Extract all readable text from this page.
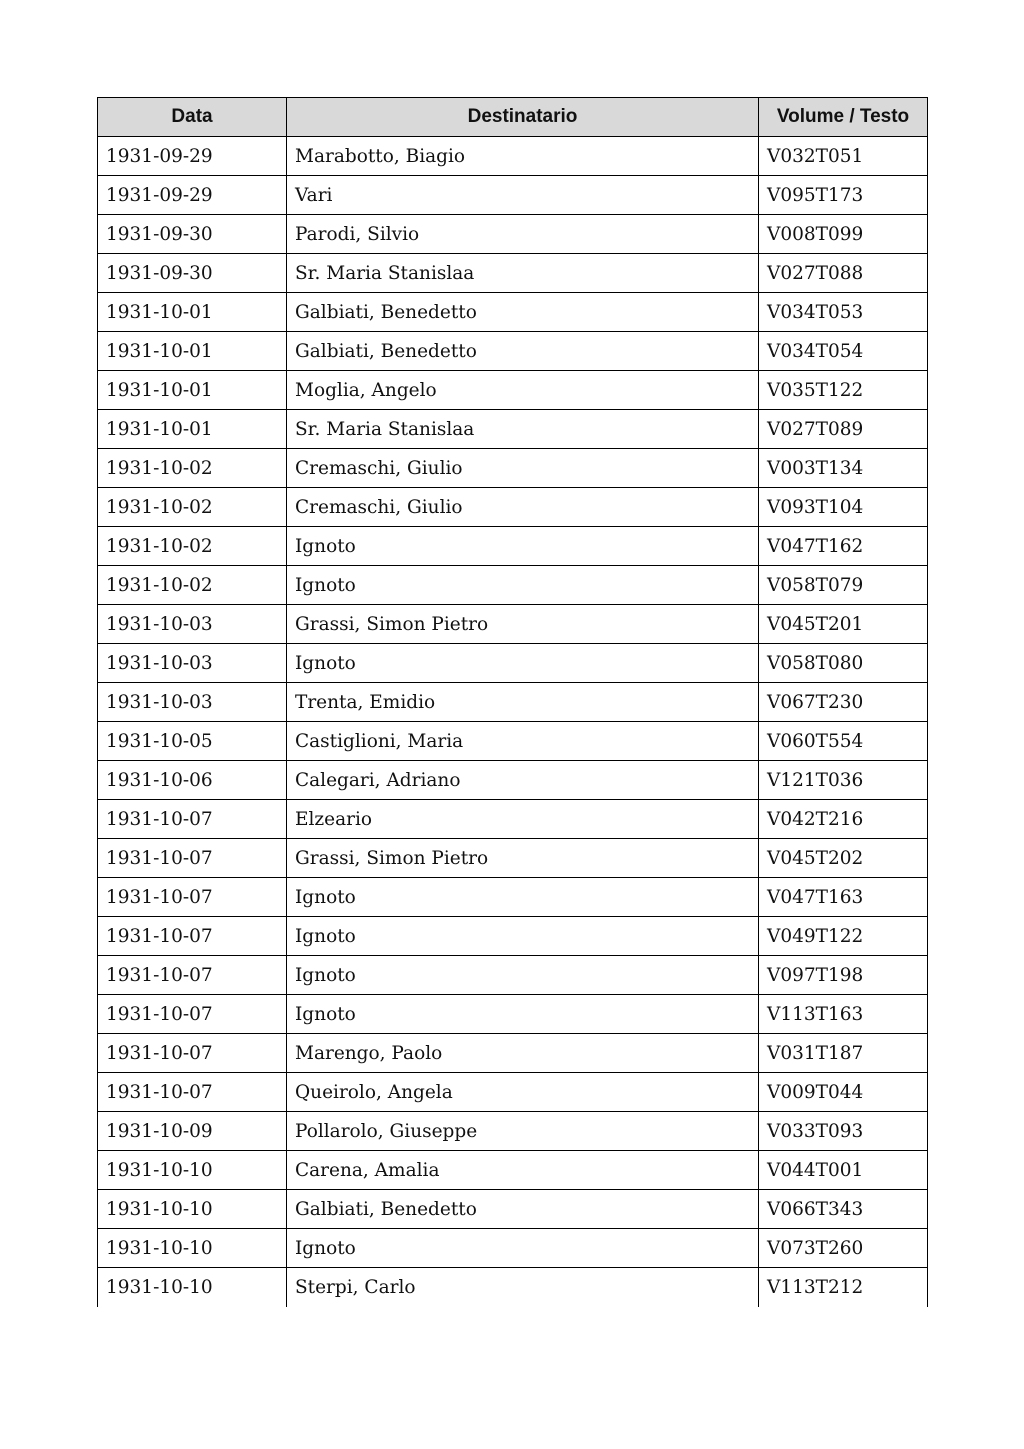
Data	Destinatario	Volume / Testo
1931-09-29	Marabotto, Biagio	V032T051
1931-09-29	Vari	V095T173
1931-09-30	Parodi, Silvio	V008T099
1931-09-30	Sr. Maria Stanislaa	V027T088
1931-10-01	Galbiati, Benedetto	V034T053
1931-10-01	Galbiati, Benedetto	V034T054
1931-10-01	Moglia, Angelo	V035T122
1931-10-01	Sr. Maria Stanislaa	V027T089
1931-10-02	Cremaschi, Giulio	V003T134
1931-10-02	Cremaschi, Giulio	V093T104
1931-10-02	Ignoto	V047T162
1931-10-02	Ignoto	V058T079
1931-10-03	Grassi, Simon Pietro	V045T201
1931-10-03	Ignoto	V058T080
1931-10-03	Trenta, Emidio	V067T230
1931-10-05	Castiglioni, Maria	V060T554
1931-10-06	Calegari, Adriano	V121T036
1931-10-07	Elzeario	V042T216
1931-10-07	Grassi, Simon Pietro	V045T202
1931-10-07	Ignoto	V047T163
1931-10-07	Ignoto	V049T122
1931-10-07	Ignoto	V097T198
1931-10-07	Ignoto	V113T163
1931-10-07	Marengo, Paolo	V031T187
1931-10-07	Queirolo, Angela	V009T044
1931-10-09	Pollarolo, Giuseppe	V033T093
1931-10-10	Carena, Amalia	V044T001
1931-10-10	Galbiati, Benedetto	V066T343
1931-10-10	Ignoto	V073T260
1931-10-10	Sterpi, Carlo	V113T212
